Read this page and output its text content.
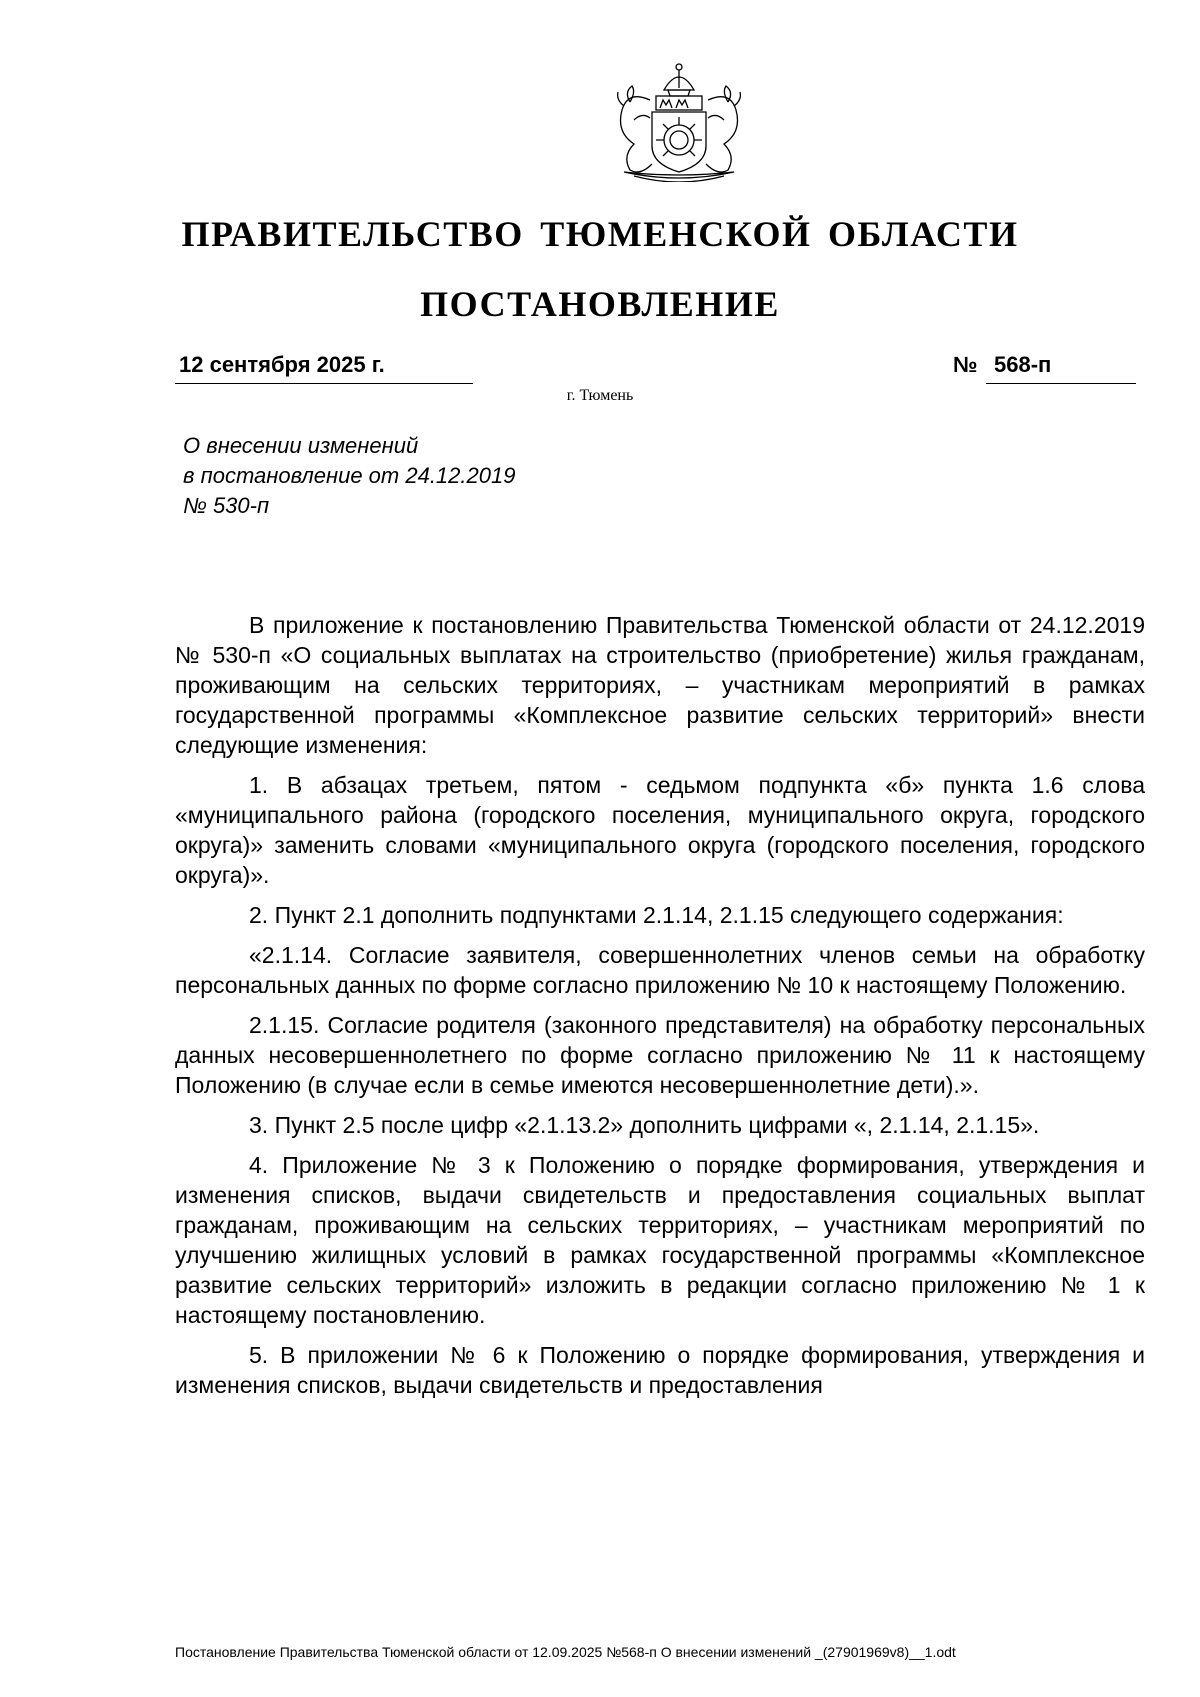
ПРАВИТЕЛЬСТВО ТЮМЕНСКОЙ ОБЛАСТИ
ПОСТАНОВЛЕНИЕ
12 сентября 2025 г.	№ 568-п
г. Тюмень
О внесении изменений
в постановление от 24.12.2019
№ 530-п

В приложение к постановлению Правительства Тюменской области от 24.12.2019 № 530-п «О социальных выплатах на строительство (приобретение) жилья гражданам, проживающим на сельских территориях, – участникам мероприятий в рамках государственной программы «Комплексное развитие сельских территорий» внести следующие изменения:

1. В абзацах третьем, пятом - седьмом подпункта «б» пункта 1.6 слова «муниципального района (городского поселения, муниципального округа, городского округа)» заменить словами «муниципального округа (городского поселения, городского округа)».

2. Пункт 2.1 дополнить подпунктами 2.1.14, 2.1.15 следующего содержания:

«2.1.14. Согласие заявителя, совершеннолетних членов семьи на обработку персональных данных по форме согласно приложению № 10 к настоящему Положению.

2.1.15. Согласие родителя (законного представителя) на обработку персональных данных несовершеннолетнего по форме согласно приложению № 11 к настоящему Положению (в случае если в семье имеются несовершеннолетние дети).».

3. Пункт 2.5 после цифр «2.1.13.2» дополнить цифрами «, 2.1.14, 2.1.15».

4. Приложение № 3 к Положению о порядке формирования, утверждения и изменения списков, выдачи свидетельств и предоставления социальных выплат гражданам, проживающим на сельских территориях, – участникам мероприятий по улучшению жилищных условий в рамках государственной программы «Комплексное развитие сельских территорий» изложить в редакции согласно приложению № 1 к настоящему постановлению.

5. В приложении № 6 к Положению о порядке формирования, утверждения и изменения списков, выдачи свидетельств и предоставления

Постановление Правительства Тюменской области от 12.09.2025 №568-п О внесении изменений _(27901969v8)__1.odt
